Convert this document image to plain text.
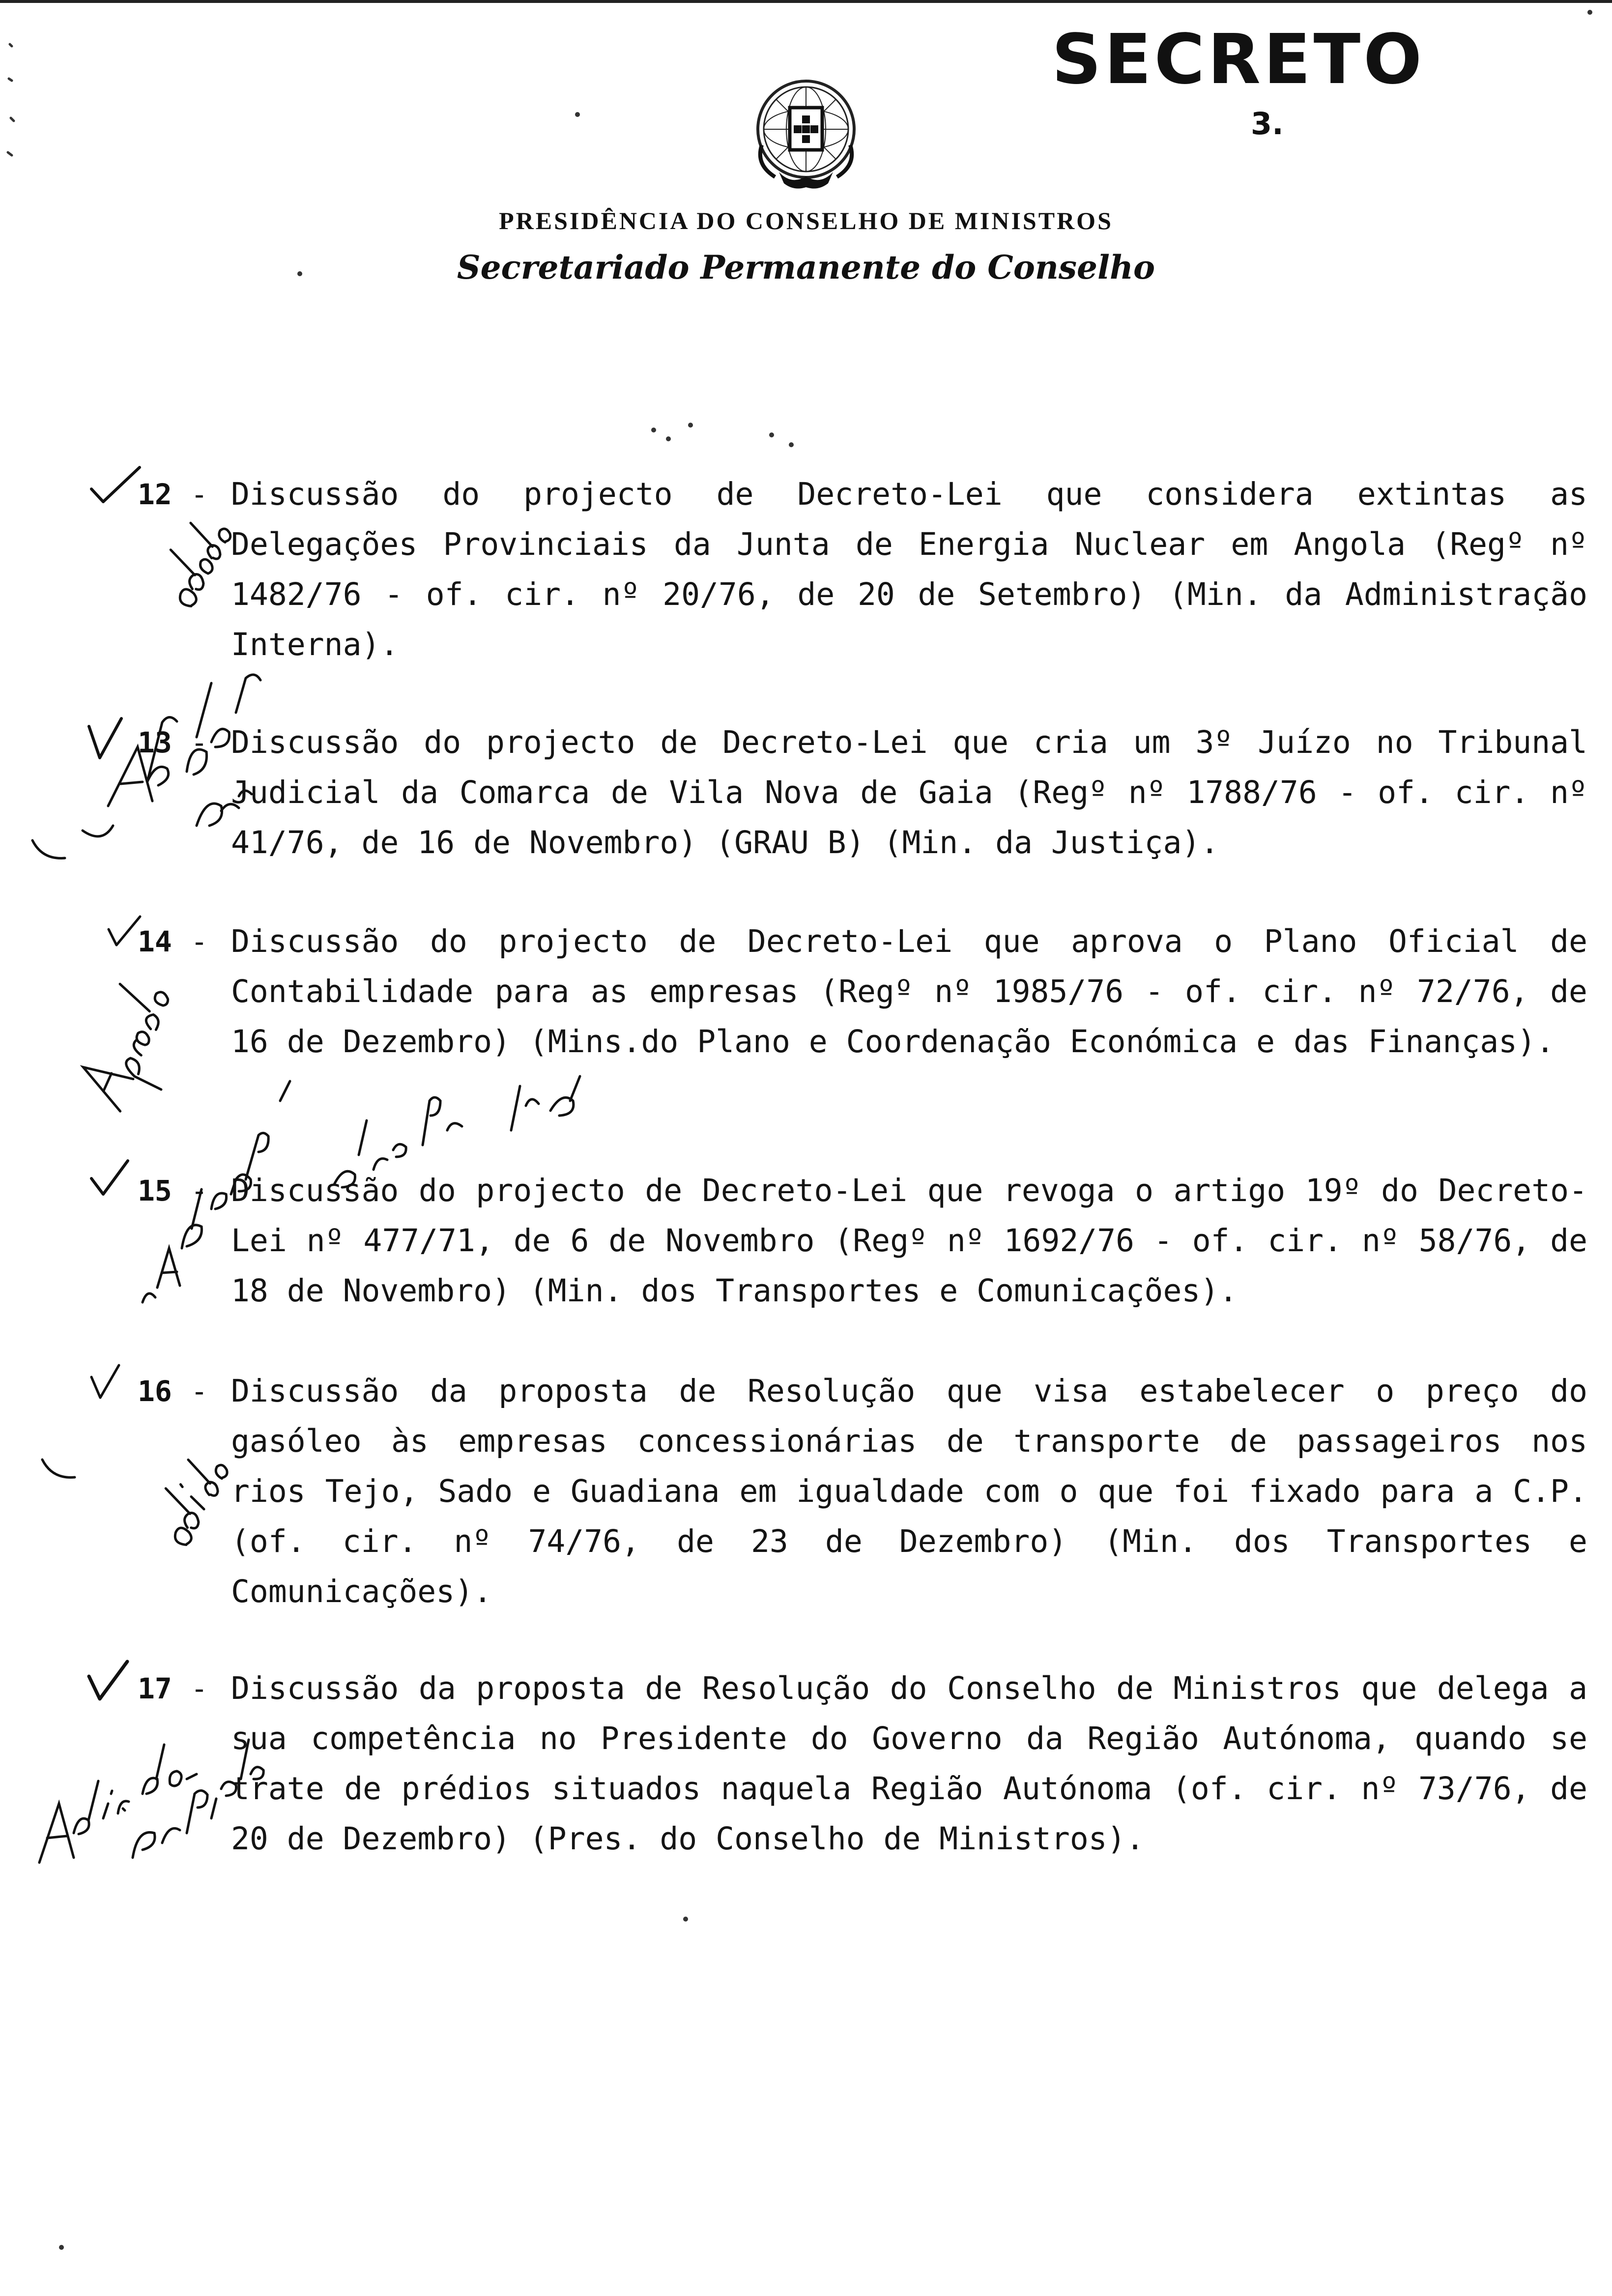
SECRETO
3.
PRESIDÊNCIA DO CONSELHO DE MINISTROS
Secretariado Permanente do Conselho
12 - Discussão do projecto de Decreto-Lei que considera extintas as Delegações Provinciais da Junta de Energia Nuclear em Angola (Regº nº 1482/76 - of. cir. nº 20/76, de 20 de Setembro) (Min. da Administração Interna).

13 - Discussão do projecto de Decreto-Lei que cria um 3º Juízo no Tribunal Judicial da Comarca de Vila Nova de Gaia (Regº nº 1788/76 - of. cir. nº 41/76, de 16 de Novembro) (GRAU B) (Min. da Justiça).

14 - Discussão do projecto de Decreto-Lei que aprova o Plano Oficial de Contabilidade para as empresas (Regº nº 1985/76 - of. cir. nº 72/76, de 16 de Dezembro) (Mins.do Plano e Coordenação Económica e das Finanças).

15 - Discussão do projecto de Decreto-Lei que revoga o artigo 19º do Decreto-Lei nº 477/71, de 6 de Novembro (Regº nº 1692/76 - of. cir. nº 58/76, de 18 de Novembro) (Min. dos Transportes e Comunicações).

16 - Discussão da proposta de Resolução que visa estabelecer o preço do gasóleo às empresas concessionárias de transporte de passageiros nos rios Tejo, Sado e Guadiana em igualdade com o que foi fixado para a C.P. (of. cir. nº 74/76, de 23 de Dezembro) (Min. dos Transportes e Comunicações).

17 - Discussão da proposta de Resolução do Conselho de Ministros que delega a sua competência no Presidente do Governo da Região Autónoma, quando se trate de prédios situados naquela Região Autónoma (of. cir. nº 73/76, de 20 de Dezembro) (Pres. do Conselho de Ministros).
